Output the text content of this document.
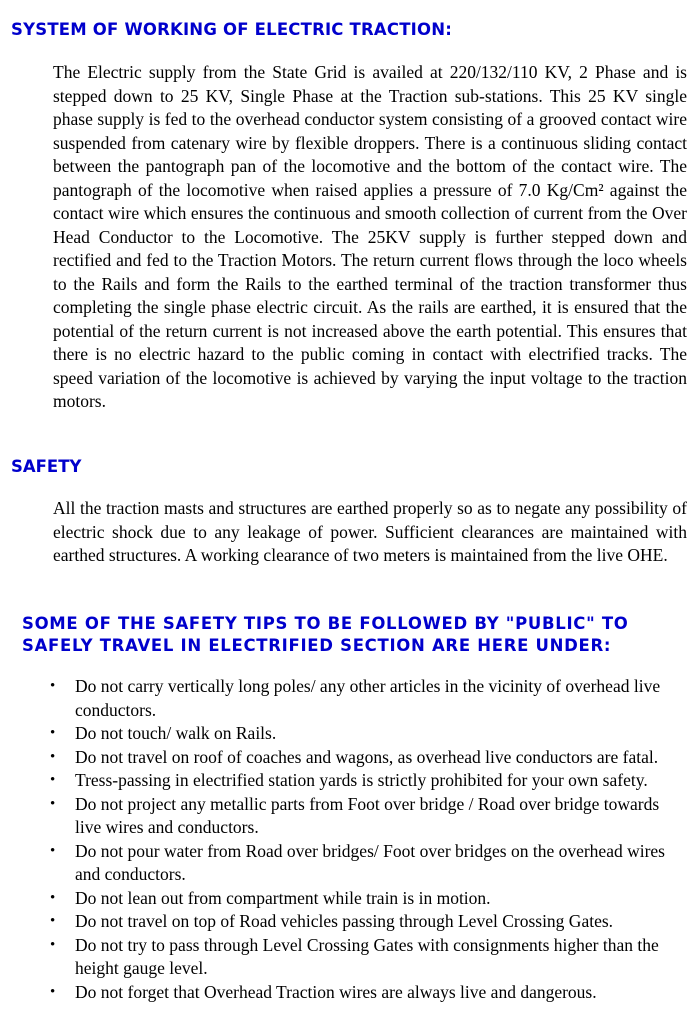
SYSTEM OF WORKING OF ELECTRIC TRACTION:

The Electric supply from the State Grid is availed at 220/132/110 KV, 2 Phase and is stepped down to 25 KV, Single Phase at the Traction sub-stations. This 25 KV single phase supply is fed to the overhead conductor system consisting of a grooved contact wire suspended from catenary wire by flexible droppers. There is a continuous sliding contact between the pantograph pan of the locomotive and the bottom of the contact wire. The pantograph of the locomotive when raised applies a pressure of 7.0 Kg/Cm² against the contact wire which ensures the continuous and smooth collection of current from the Over Head Conductor to the Locomotive. The 25KV supply is further stepped down and rectified and fed to the Traction Motors. The return current flows through the loco wheels to the Rails and form the Rails to the earthed terminal of the traction transformer thus completing the single phase electric circuit. As the rails are earthed, it is ensured that the potential of the return current is not increased above the earth potential. This ensures that there is no electric hazard to the public coming in contact with electrified tracks. The speed variation of the locomotive is achieved by varying the input voltage to the traction motors.

SAFETY

All the traction masts and structures are earthed properly so as to negate any possibility of electric shock due to any leakage of power. Sufficient clearances are maintained with earthed structures. A working clearance of two meters is maintained from the live OHE.

SOME OF THE SAFETY TIPS TO BE FOLLOWED BY "PUBLIC" TO SAFELY TRAVEL IN ELECTRIFIED SECTION ARE HERE UNDER:
• Do not carry vertically long poles/ any other articles in the vicinity of overhead live conductors.
• Do not touch/ walk on Rails.
• Do not travel on roof of coaches and wagons, as overhead live conductors are fatal.
• Tress-passing in electrified station yards is strictly prohibited for your own safety.
• Do not project any metallic parts from Foot over bridge / Road over bridge towards live wires and conductors.
• Do not pour water from Road over bridges/ Foot over bridges on the overhead wires and conductors.
• Do not lean out from compartment while train is in motion.
• Do not travel on top of Road vehicles passing through Level Crossing Gates.
• Do not try to pass through Level Crossing Gates with consignments higher than the height gauge level.
• Do not forget that Overhead Traction wires are always live and dangerous.
